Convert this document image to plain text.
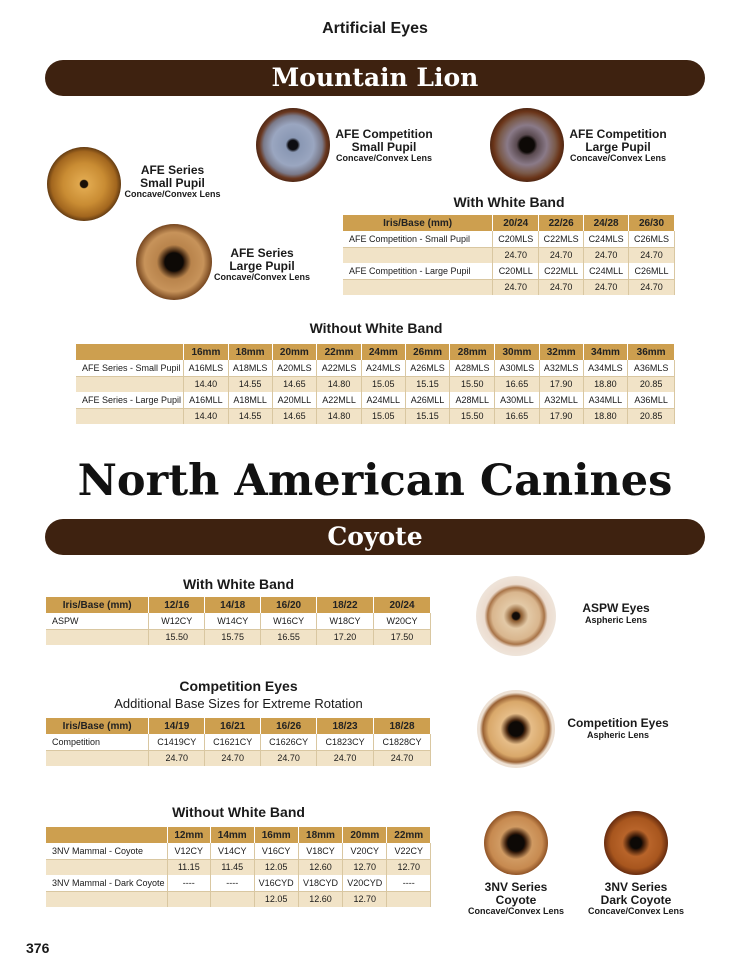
Artificial Eyes
Mountain Lion
AFE Series
Small Pupil
Concave/Convex Lens
AFE Series
Large Pupil
Concave/Convex Lens
AFE Competition
Small Pupil
Concave/Convex Lens
AFE Competition
Large Pupil
Concave/Convex Lens
With White Band
Iris/Base (mm)	20/24	22/26	24/28	26/30
AFE Competition - Small Pupil	C20MLS	C22MLS	C24MLS	C26MLS
	24.70	24.70	24.70	24.70
AFE Competition - Large Pupil	C20MLL	C22MLL	C24MLL	C26MLL
	24.70	24.70	24.70	24.70
Without White Band
	16mm	18mm	20mm	22mm	24mm	26mm	28mm	30mm	32mm	34mm	36mm
AFE Series - Small Pupil	A16MLS	A18MLS	A20MLS	A22MLS	A24MLS	A26MLS	A28MLS	A30MLS	A32MLS	A34MLS	A36MLS
	14.40	14.55	14.65	14.80	15.05	15.15	15.50	16.65	17.90	18.80	20.85
AFE Series - Large Pupil	A16MLL	A18MLL	A20MLL	A22MLL	A24MLL	A26MLL	A28MLL	A30MLL	A32MLL	A34MLL	A36MLL
	14.40	14.55	14.65	14.80	15.05	15.15	15.50	16.65	17.90	18.80	20.85
North American Canines
Coyote
With White Band
Iris/Base (mm)	12/16	14/18	16/20	18/22	20/24
ASPW	W12CY	W14CY	W16CY	W18CY	W20CY
	15.50	15.75	16.55	17.20	17.50
Competition Eyes
Additional Base Sizes for Extreme Rotation
Iris/Base (mm)	14/19	16/21	16/26	18/23	18/28
Competition	C1419CY	C1621CY	C1626CY	C1823CY	C1828CY
	24.70	24.70	24.70	24.70	24.70
Without White Band
	12mm	14mm	16mm	18mm	20mm	22mm
3NV Mammal - Coyote	V12CY	V14CY	V16CY	V18CY	V20CY	V22CY
	11.15	11.45	12.05	12.60	12.70	12.70
3NV Mammal - Dark Coyote	----	----	V16CYD	V18CYD	V20CYD	----
			12.05	12.60	12.70	
ASPW Eyes
Aspheric Lens
Competition Eyes
Aspheric Lens
3NV Series
Coyote
Concave/Convex Lens
3NV Series
Dark Coyote
Concave/Convex Lens
376
